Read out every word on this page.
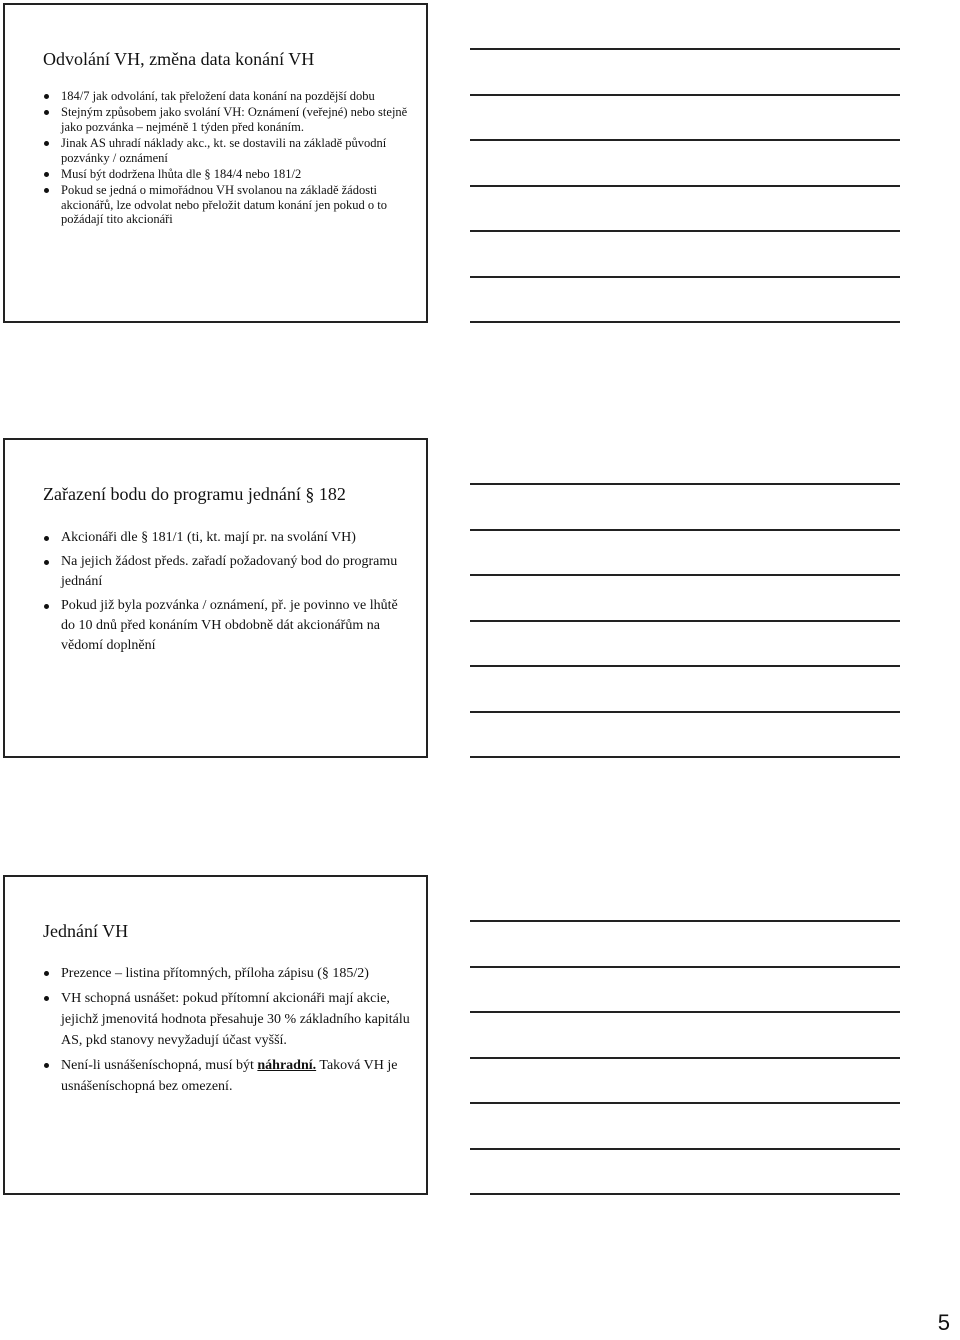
Odvolání VH, změna data konání VH
184/7 jak odvolání, tak přeložení data konání na pozdější dobu
Stejným způsobem jako svolání VH: Oznámení (veřejné) nebo stejně jako pozvánka – nejméně 1 týden před konáním.
Jinak AS uhradí náklady akc., kt. se dostavili na základě původní pozvánky / oznámení
Musí být dodržena lhůta dle § 184/4 nebo 181/2
Pokud se jedná o mimořádnou VH svolanou na základě žádosti akcionářů, lze odvolat nebo přeložit datum konání jen pokud o to požádají tito akcionáři
Zařazení bodu do programu jednání § 182
Akcionáři dle § 181/1 (ti, kt. mají pr. na svolání VH)
Na jejich žádost předs. zařadí požadovaný bod do programu jednání
Pokud již byla pozvánka / oznámení, př. je povinno ve lhůtě do 10 dnů před konáním VH obdobně dát akcionářům na vědomí doplnění
Jednání VH
Prezence – listina přítomných, příloha zápisu (§ 185/2)
VH schopná usnášet: pokud přítomní akcionáři mají akcie, jejichž jmenovitá hodnota přesahuje 30 % základního kapitálu AS, pkd stanovy nevyžadují účast vyšší.
Není-li usnášeníschopná, musí být náhradní. Taková VH je usnášeníschopná bez omezení.
5
